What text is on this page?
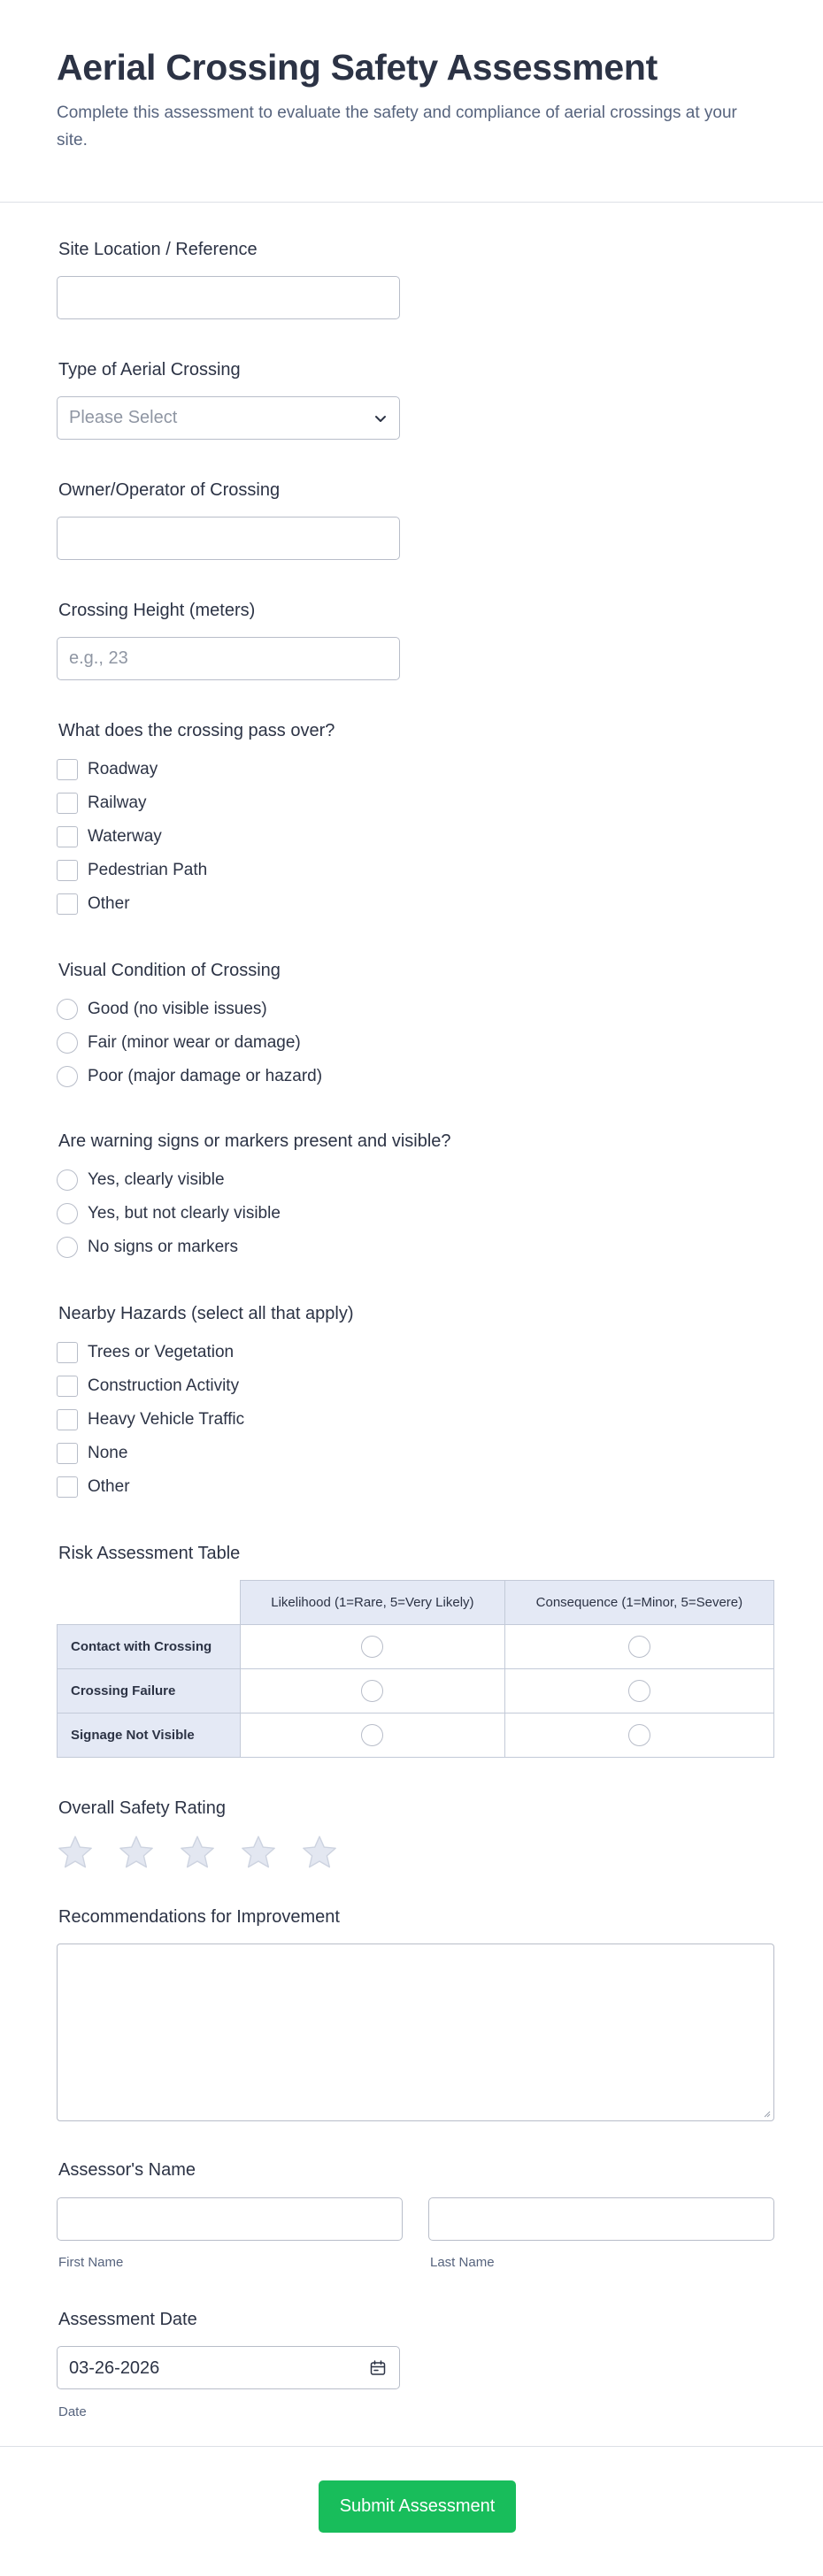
Aerial Crossing Safety Assessment

Complete this assessment to evaluate the safety and compliance of aerial crossings at your site.

Site Location / Reference
Type of Aerial Crossing
Please Select
Owner/Operator of Crossing
Crossing Height (meters)
e.g., 23
What does the crossing pass over?
Roadway
Railway
Waterway
Pedestrian Path
Other
Visual Condition of Crossing
Good (no visible issues)
Fair (minor wear or damage)
Poor (major damage or hazard)
Are warning signs or markers present and visible?
Yes, clearly visible
Yes, but not clearly visible
No signs or markers
Nearby Hazards (select all that apply)
Trees or Vegetation
Construction Activity
Heavy Vehicle Traffic
None
Other
Risk Assessment Table
	Likelihood (1=Rare, 5=Very Likely)	Consequence (1=Minor, 5=Severe)
Contact with Crossing		
Crossing Failure		
Signage Not Visible		
Overall Safety Rating
Recommendations for Improvement
Assessor's Name
First Name	Last Name
Assessment Date
03-26-2026
Date
Submit Assessment
